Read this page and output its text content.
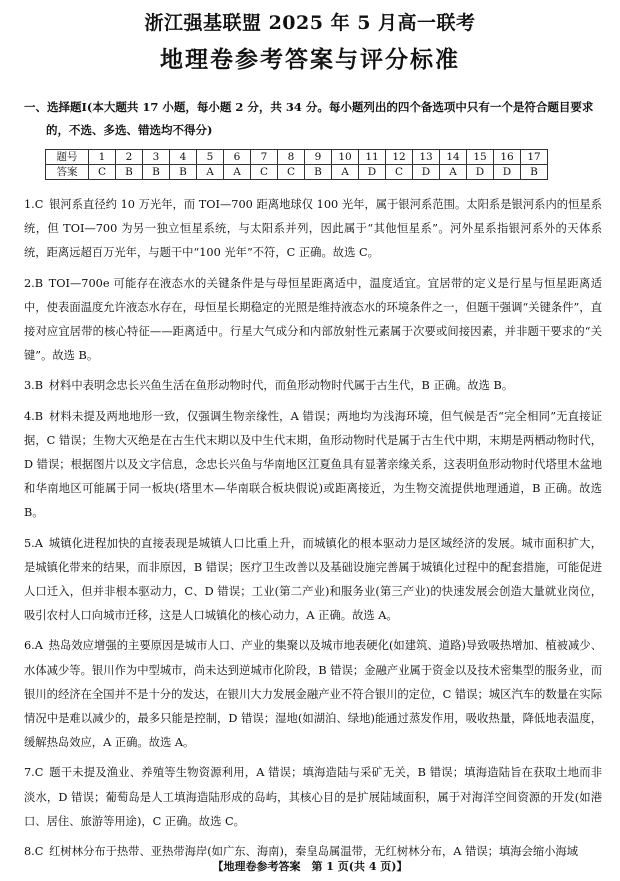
浙江强基联盟 2025 年 5 月高一联考
地理卷参考答案与评分标准
一、选择题Ⅰ(本大题共 17 小题，每小题 2 分，共 34 分。每小题列出的四个备选项中只有一个是符合题目要求
的，不选、多选、错选均不得分)
题号	1	2	3	4	5	6	7	8	9	10	11	12	13	14	15	16	17
答案	C	B	B	B	A	A	C	C	B	A	D	C	D	A	D	D	B
1.C  银河系直径约 10 万光年，而 TOI—700 距离地球仅 100 光年，属于银河系范围。太阳系是银河系内的恒星系统，但 TOI—700 为另一独立恒星系统，与太阳系并列，因此属于“其他恒星系”。河外星系指银河系外的天体系统，距离远超百万光年，与题干中“100 光年”不符，C 正确。故选 C。
2.B  TOI—700e 可能存在液态水的关键条件是与母恒星距离适中，温度适宜。宜居带的定义是行星与恒星距离适中，使表面温度允许液态水存在，母恒星长期稳定的光照是维持液态水的环境条件之一，但题干强调“关键条件”，直接对应宜居带的核心特征——距离适中。行星大气成分和内部放射性元素属于次要或间接因素，并非题干要求的“关键”。故选 B。
3.B  材料中表明念忠长兴鱼生活在鱼形动物时代，而鱼形动物时代属于古生代，B 正确。故选 B。
4.B  材料未提及两地地形一致，仅强调生物亲缘性，A 错误；两地均为浅海环境，但气候是否“完全相同”无直接证据，C 错误；生物大灭绝是在古生代末期以及中生代末期，鱼形动物时代是属于古生代中期，末期是两栖动物时代，D 错误；根据图片以及文字信息，念忠长兴鱼与华南地区江夏鱼具有显著亲缘关系，这表明鱼形动物时代塔里木盆地和华南地区可能属于同一板块(塔里木—华南联合板块假说)或距离接近，为生物交流提供地理通道，B 正确。故选 B。
5.A  城镇化进程加快的直接表现是城镇人口比重上升，而城镇化的根本驱动力是区域经济的发展。城市面积扩大，是城镇化带来的结果，而非原因，B 错误；医疗卫生改善以及基础设施完善属于城镇化过程中的配套措施，可能促进人口迁入，但并非根本驱动力，C、D 错误；工业(第二产业)和服务业(第三产业)的快速发展会创造大量就业岗位，吸引农村人口向城市迁移，这是人口城镇化的核心动力，A 正确。故选 A。
6.A  热岛效应增强的主要原因是城市人口、产业的集聚以及城市地表硬化(如建筑、道路)导致吸热增加、植被减少、水体减少等。银川作为中型城市，尚未达到逆城市化阶段，B 错误；金融产业属于资金以及技术密集型的服务业，而银川的经济在全国并不是十分的发达，在银川大力发展金融产业不符合银川的定位，C 错误；城区汽车的数量在实际情况中是难以减少的，最多只能是控制，D 错误；湿地(如湖泊、绿地)能通过蒸发作用，吸收热量，降低地表温度，缓解热岛效应，A 正确。故选 A。
7.C  题干未提及渔业、养殖等生物资源利用，A 错误；填海造陆与采矿无关，B 错误；填海造陆旨在获取土地而非淡水，D 错误；葡萄岛是人工填海造陆形成的岛屿，其核心目的是扩展陆域面积，属于对海洋空间资源的开发(如港口、居住、旅游等用途)，C 正确。故选 C。
8.C  红树林分布于热带、亚热带海岸(如广东、海南)，秦皇岛属温带，无红树林分布，A 错误；填海会缩小海域
【地理卷参考答案　第 1 页(共 4 页)】
